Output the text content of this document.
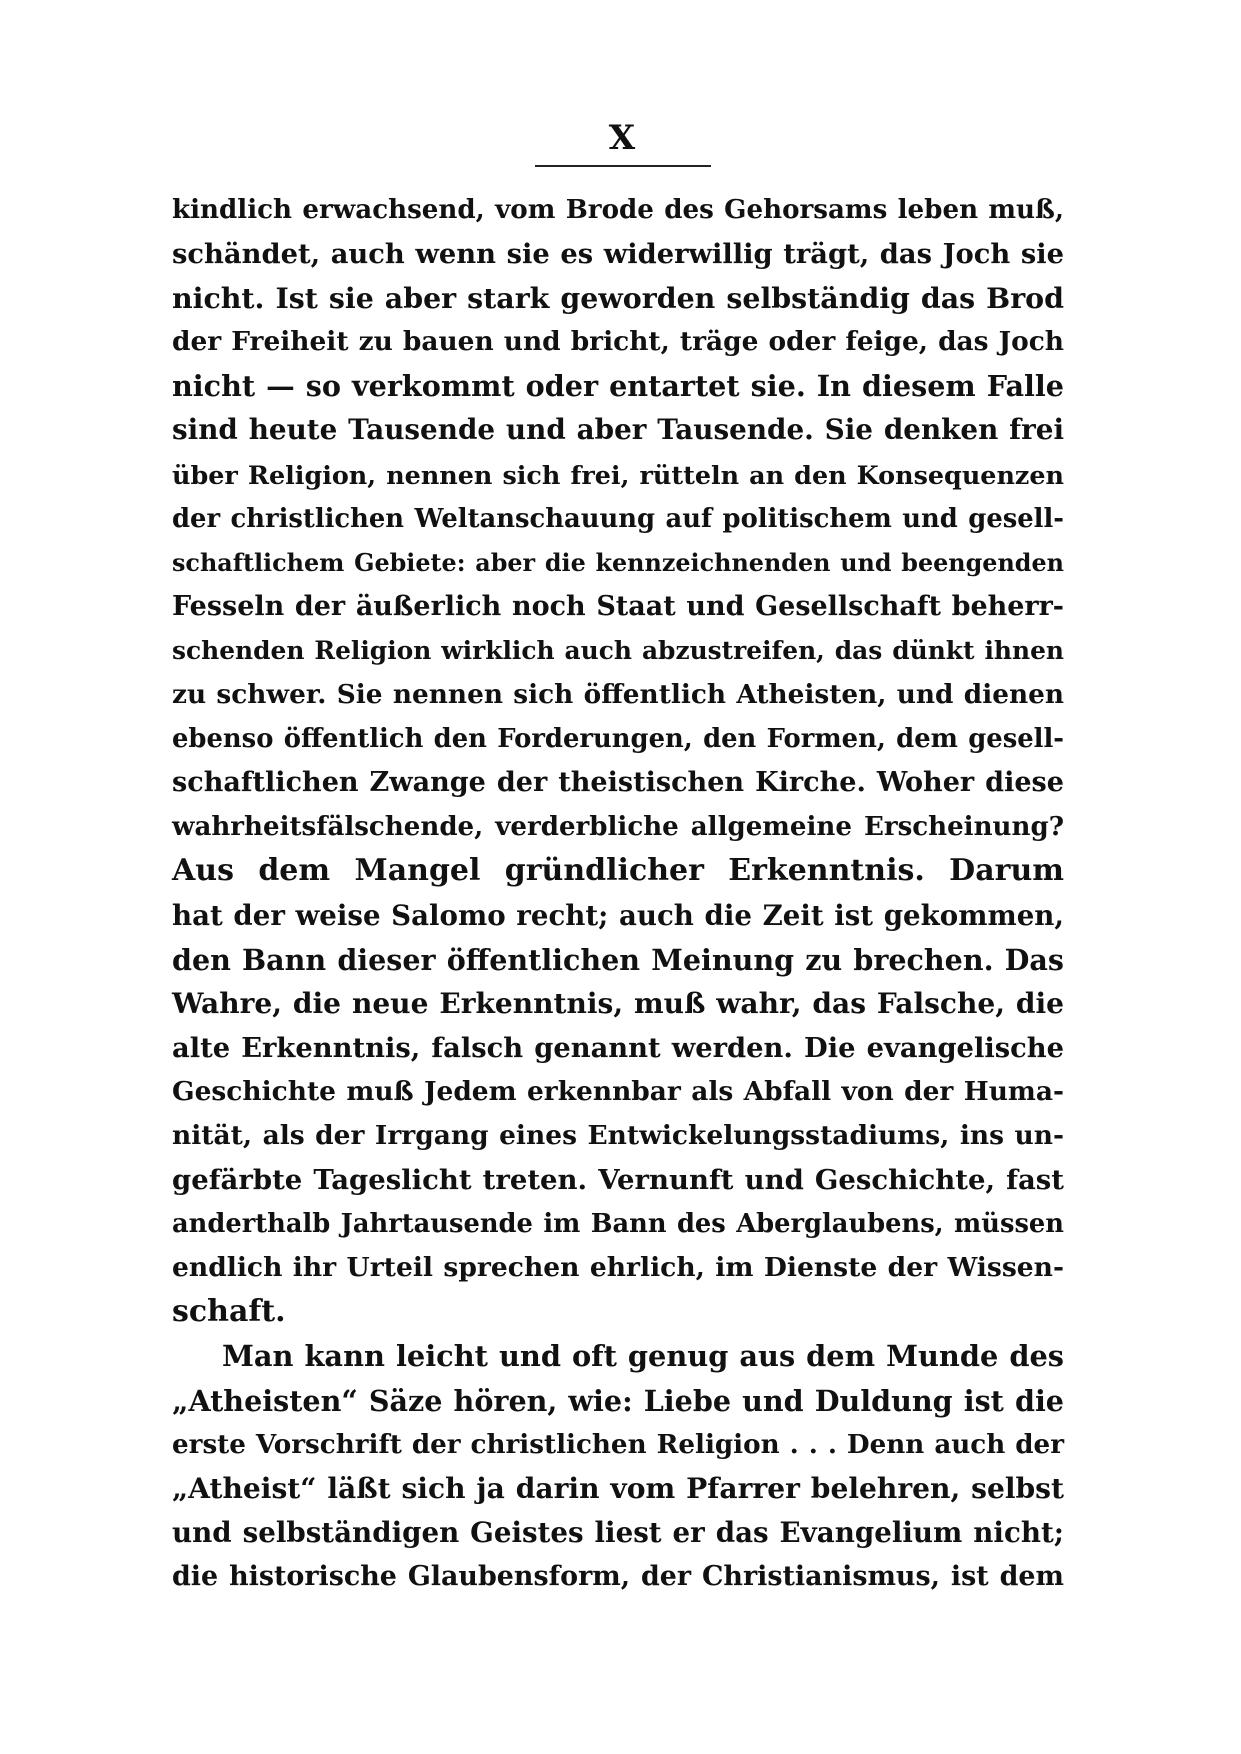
X
kindlich erwachsend, vom Brode des Gehorsams leben muß,
schändet, auch wenn sie es widerwillig trägt, das Joch sie
nicht. Ist sie aber stark geworden selbständig das Brod
der Freiheit zu bauen und bricht, träge oder feige, das Joch
nicht — so verkommt oder entartet sie. In diesem Falle
sind heute Tausende und aber Tausende. Sie denken frei
über Religion, nennen sich frei, rütteln an den Konsequenzen
der christlichen Weltanschauung auf politischem und gesell-
schaftlichem Gebiete: aber die kennzeichnenden und beengenden
Fesseln der äußerlich noch Staat und Gesellschaft beherr-
schenden Religion wirklich auch abzustreifen, das dünkt ihnen
zu schwer. Sie nennen sich öffentlich Atheisten, und dienen
ebenso öffentlich den Forderungen, den Formen, dem gesell-
schaftlichen Zwange der theistischen Kirche. Woher diese
wahrheitsfälschende, verderbliche allgemeine Erscheinung?
Aus dem Mangel gründlicher Erkenntnis. Darum
hat der weise Salomo recht; auch die Zeit ist gekommen,
den Bann dieser öffentlichen Meinung zu brechen. Das
Wahre, die neue Erkenntnis, muß wahr, das Falsche, die
alte Erkenntnis, falsch genannt werden. Die evangelische
Geschichte muß Jedem erkennbar als Abfall von der Huma-
nität, als der Irrgang eines Entwickelungsstadiums, ins un-
gefärbte Tageslicht treten. Vernunft und Geschichte, fast
anderthalb Jahrtausende im Bann des Aberglaubens, müssen
endlich ihr Urteil sprechen ehrlich, im Dienste der Wissen-
schaft.
Man kann leicht und oft genug aus dem Munde des
„Atheisten“ Säze hören, wie: Liebe und Duldung ist die
erste Vorschrift der christlichen Religion . . . Denn auch der
„Atheist“ läßt sich ja darin vom Pfarrer belehren, selbst
und selbständigen Geistes liest er das Evangelium nicht;
die historische Glaubensform, der Christianismus, ist dem
